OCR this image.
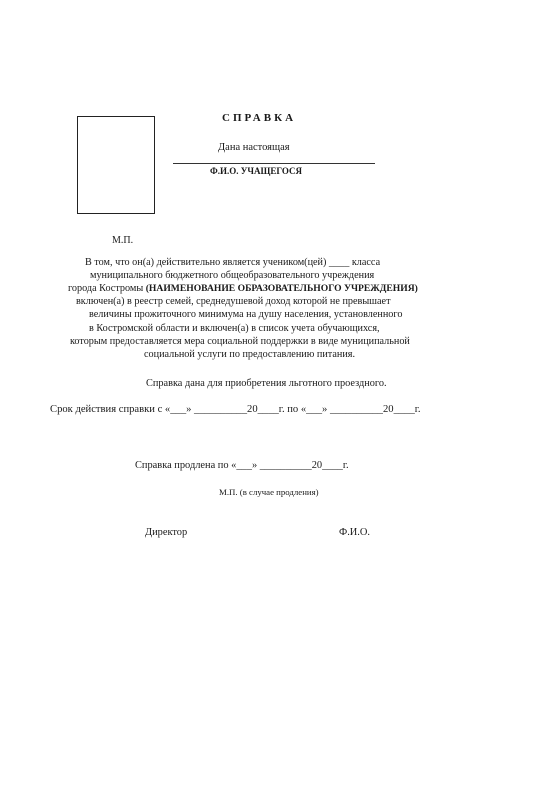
СПРАВКА
Дана настоящая
Ф.И.О. УЧАЩЕГОСЯ
М.П.
В том, что он(а) действительно является учеником(цей) ____ класса
муниципального бюджетного общеобразовательного учреждения
города Костромы (НАИМЕНОВАНИЕ ОБРАЗОВАТЕЛЬНОГО УЧРЕЖДЕНИЯ)
включен(а) в реестр семей, среднедушевой доход которой не превышает
величины прожиточного минимума на душу населения, установленного
в Костромской области и включен(а) в список учета обучающихся,
которым предоставляется мера социальной поддержки в виде муниципальной
социальной услуги по предоставлению питания.
Справка дана для приобретения льготного проездного.
Срок действия справки с «___» __________20____г. по «___» __________20____г.
Справка продлена по «___» __________20____г.
М.П. (в случае продления)
Директор	Ф.И.О.
